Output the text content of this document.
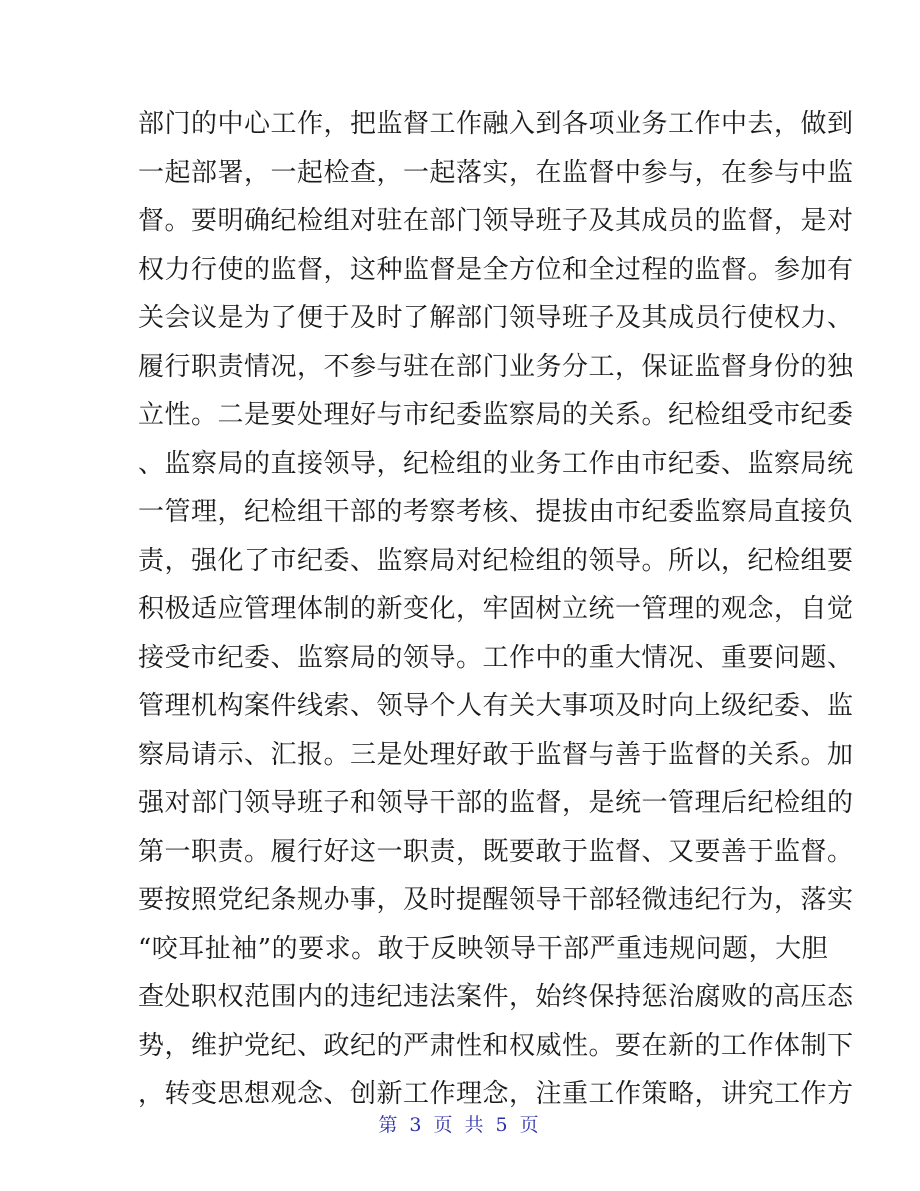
部门的中心工作，把监督工作融入到各项业务工作中去，做到
一起部署，一起检查，一起落实，在监督中参与，在参与中监
督。要明确纪检组对驻在部门领导班子及其成员的监督，是对
权力行使的监督，这种监督是全方位和全过程的监督。参加有
关会议是为了便于及时了解部门领导班子及其成员行使权力、
履行职责情况，不参与驻在部门业务分工，保证监督身份的独
立性。二是要处理好与市纪委监察局的关系。纪检组受市纪委
、监察局的直接领导，纪检组的业务工作由市纪委、监察局统
一管理，纪检组干部的考察考核、提拔由市纪委监察局直接负
责，强化了市纪委、监察局对纪检组的领导。所以，纪检组要
积极适应管理体制的新变化，牢固树立统一管理的观念，自觉
接受市纪委、监察局的领导。工作中的重大情况、重要问题、
管理机构案件线索、领导个人有关大事项及时向上级纪委、监
察局请示、汇报。三是处理好敢于监督与善于监督的关系。加
强对部门领导班子和领导干部的监督，是统一管理后纪检组的
第一职责。履行好这一职责，既要敢于监督、又要善于监督。
要按照党纪条规办事，及时提醒领导干部轻微违纪行为，落实
“咬耳扯袖”的要求。敢于反映领导干部严重违规问题，大胆
查处职权范围内的违纪违法案件，始终保持惩治腐败的高压态
势，维护党纪、政纪的严肃性和权威性。要在新的工作体制下
，转变思想观念、创新工作理念，注重工作策略，讲究工作方
第 3 页 共 5 页
